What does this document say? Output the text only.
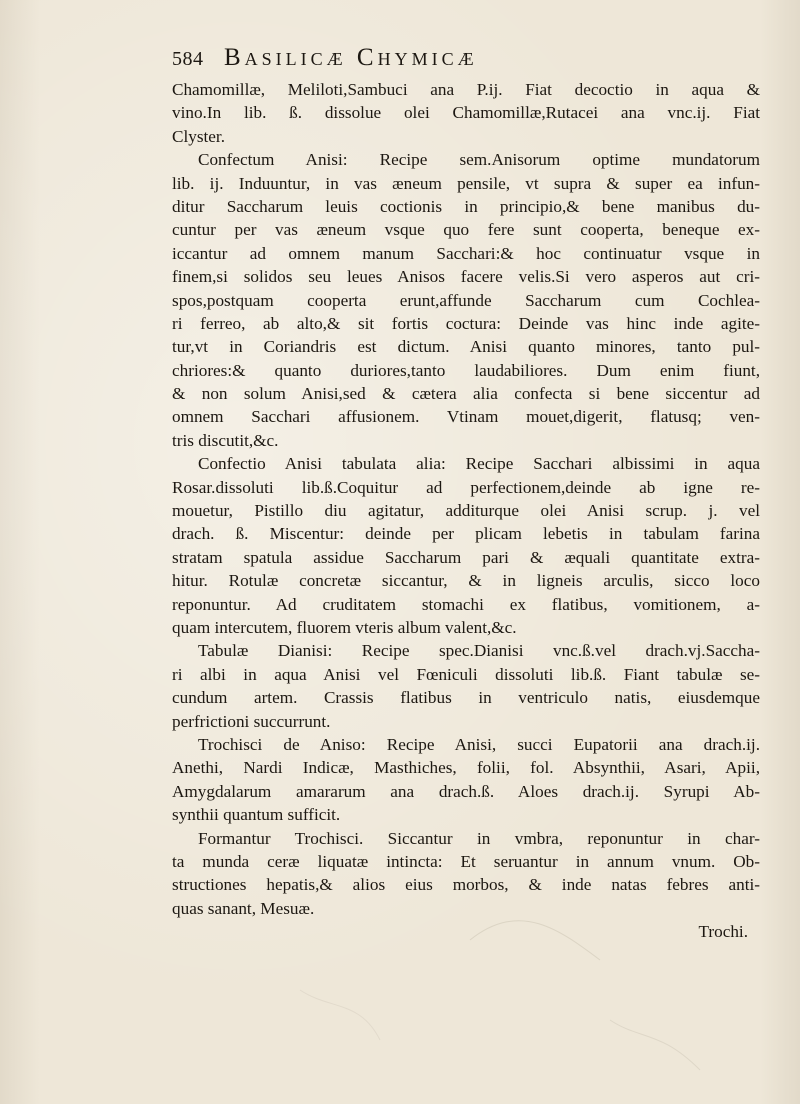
584 Basilicæ Chymicæ
Chamomillæ, Meliloti,Sambuci ana P.ij. Fiat decoctio in aqua &
vino.In lib. ß. dissolue olei Chamomillæ,Rutacei ana vnc.ij. Fiat
Clyster.
Confectum Anisi: Recipe sem.Anisorum optime mundatorum
lib. ij. Induuntur, in vas æneum pensile, vt supra & super ea infun-
ditur Saccharum leuis coctionis in principio,& bene manibus du-
cuntur per vas æneum vsque quo fere sunt cooperta, beneque ex-
iccantur ad omnem manum Sacchari:& hoc continuatur vsque in
finem,si solidos seu leues Anisos facere velis.Si vero asperos aut cri-
spos,postquam cooperta erunt,affunde Saccharum cum Cochlea-
ri ferreo, ab alto,& sit fortis coctura: Deinde vas hinc inde agite-
tur,vt in Coriandris est dictum. Anisi quanto minores, tanto pul-
chriores:& quanto duriores,tanto laudabiliores. Dum enim fiunt,
& non solum Anisi,sed & cætera alia confecta si bene siccentur ad
omnem Sacchari affusionem. Vtinam mouet,digerit, flatusq; ven-
tris discutit,&c.
Confectio Anisi tabulata alia: Recipe Sacchari albissimi in aqua
Rosar.dissoluti lib.ß.Coquitur ad perfectionem,deinde ab igne re-
mouetur, Pistillo diu agitatur, additurque olei Anisi scrup. j. vel
drach. ß. Miscentur: deinde per plicam lebetis in tabulam farina
stratam spatula assidue Saccharum pari & æquali quantitate extra-
hitur. Rotulæ concretæ siccantur, & in ligneis arculis, sicco loco
reponuntur. Ad cruditatem stomachi ex flatibus, vomitionem, a-
quam intercutem, fluorem vteris album valent,&c.
Tabulæ Dianisi: Recipe spec.Dianisi vnc.ß.vel drach.vj.Saccha-
ri albi in aqua Anisi vel Fœniculi dissoluti lib.ß. Fiant tabulæ se-
cundum artem. Crassis flatibus in ventriculo natis, eiusdemque
perfrictioni succurrunt.
Trochisci de Aniso: Recipe Anisi, succi Eupatorii ana drach.ij.
Anethi, Nardi Indicæ, Masthiches, folii, fol. Absynthii, Asari, Apii,
Amygdalarum amararum ana drach.ß. Aloes drach.ij. Syrupi Ab-
synthii quantum sufficit.
Formantur Trochisci. Siccantur in vmbra, reponuntur in char-
ta munda ceræ liquatæ intincta: Et seruantur in annum vnum. Ob-
structiones hepatis,& alios eius morbos, & inde natas febres anti-
quas sanant, Mesuæ.
Trochi.
